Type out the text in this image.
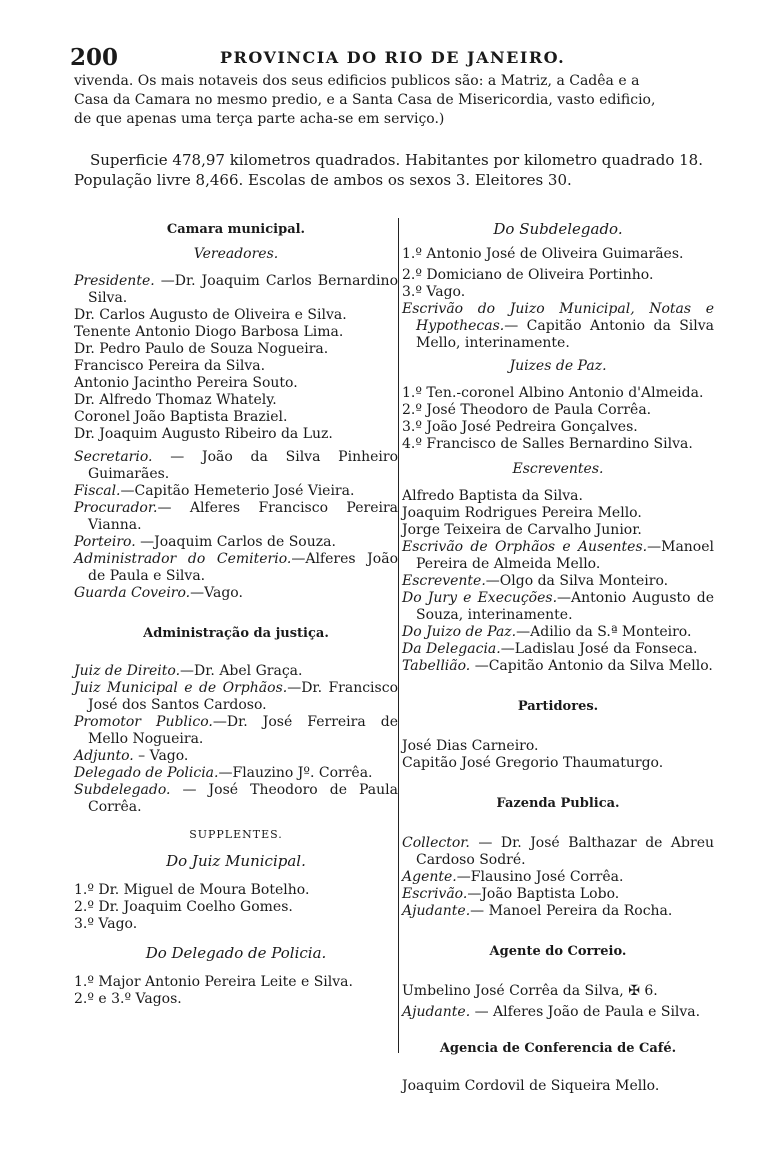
200	PROVINCIA DO RIO DE JANEIRO.

vivenda. Os mais notaveis dos seus edificios publicos são: a Matriz, a Cadêa e a

Casa da Camara no mesmo predio, e a Santa Casa de Misericordia, vasto edificio,

de que apenas uma terça parte acha-se em serviço.)

Superficie 478,97 kilometros quadrados. Habitantes por kilometro quadrado 18.

População livre 8,466. Escolas de ambos os sexos 3. Eleitores 30.

Camara municipal.

Vereadores.

Presidente. —Dr. Joaquim Carlos Bernardino Silva.

Dr. Carlos Augusto de Oliveira e Silva.

Tenente Antonio Diogo Barbosa Lima.

Dr. Pedro Paulo de Souza Nogueira.

Francisco Pereira da Silva.

Antonio Jacintho Pereira Souto.

Dr. Alfredo Thomaz Whately.

Coronel João Baptista Braziel.

Dr. Joaquim Augusto Ribeiro da Luz.

Secretario. — João da Silva Pinheiro Guimarães.

Fiscal.—Capitão Hemeterio José Vieira.

Procurador.— Alferes Francisco Pereira Vianna.

Porteiro. —Joaquim Carlos de Souza.

Administrador do Cemiterio.—Alferes João de Paula e Silva.

Guarda Coveiro.—Vago.

Administração da justiça.

Juiz de Direito.—Dr. Abel Graça.

Juiz Municipal e de Orphãos.—Dr. Francisco José dos Santos Cardoso.

Promotor Publico.—Dr. José Ferreira de Mello Nogueira.

Adjunto. – Vago.

Delegado de Policia.—Flauzino Jº. Corrêa.

Subdelegado. — José Theodoro de Paula Corrêa.

SUPPLENTES.

Do Juiz Municipal.

1.º Dr. Miguel de Moura Botelho.

2.º Dr. Joaquim Coelho Gomes.

3.º Vago.

Do Delegado de Policia.

1.º Major Antonio Pereira Leite e Silva.

2.º e 3.º Vagos.

Do Subdelegado.

1.º Antonio José de Oliveira Guimarães.

2.º Domiciano de Oliveira Portinho.

3.º Vago.

Escrivão do Juizo Municipal, Notas e Hypothecas.— Capitão Antonio da Silva Mello, interinamente.

Juizes de Paz.

1.º Ten.-coronel Albino Antonio d'Almeida.

2.º José Theodoro de Paula Corrêa.

3.º João José Pedreira Gonçalves.

4.º Francisco de Salles Bernardino Silva.

Escreventes.

Alfredo Baptista da Silva.

Joaquim Rodrigues Pereira Mello.

Jorge Teixeira de Carvalho Junior.

Escrivão de Orphãos e Ausentes.—Manoel Pereira de Almeida Mello.

Escrevente.—Olgo da Silva Monteiro.

Do Jury e Execuções.—Antonio Augusto de Souza, interinamente.

Do Juizo de Paz.—Adilio da S.ª Monteiro.

Da Delegacia.—Ladislau José da Fonseca.

Tabellião. —Capitão Antonio da Silva Mello.

Partidores.

José Dias Carneiro.

Capitão José Gregorio Thaumaturgo.

Fazenda Publica.

Collector. — Dr. José Balthazar de Abreu Cardoso Sodré.

Agente.—Flausino José Corrêa.

Escrivão.—João Baptista Lobo.

Ajudante.— Manoel Pereira da Rocha.

Agente do Correio.

Umbelino José Corrêa da Silva, ✠ 6.

Ajudante. — Alferes João de Paula e Silva.

Agencia de Conferencia de Café.

Joaquim Cordovil de Siqueira Mello.
